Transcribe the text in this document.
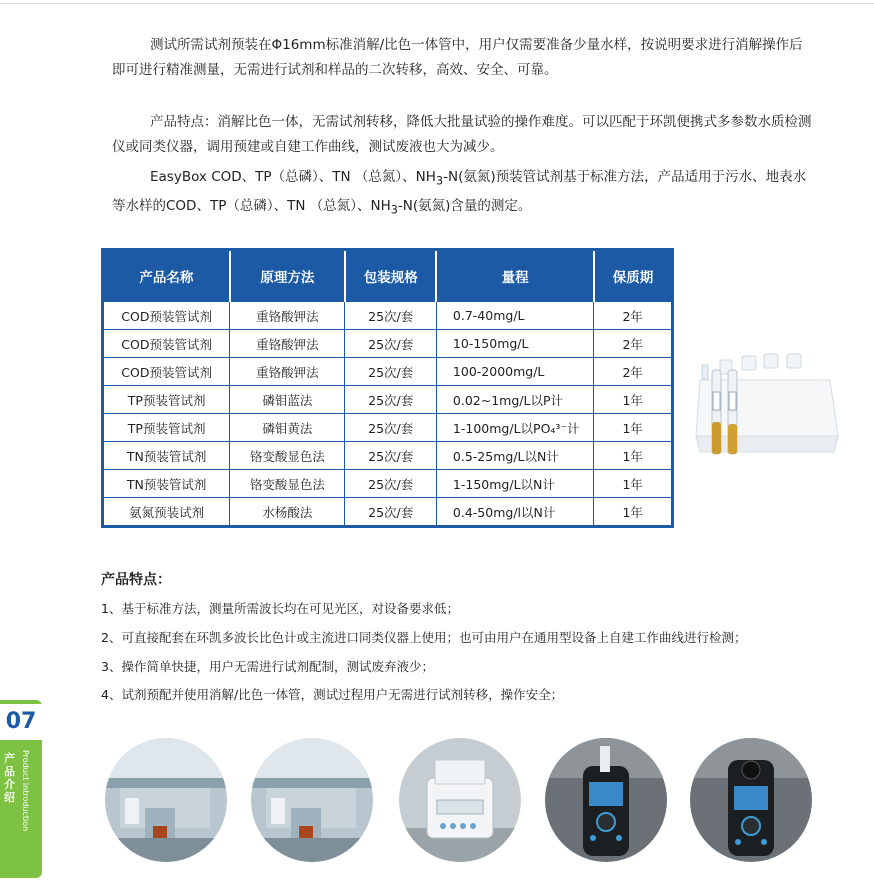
测试所需试剂预装在Φ16mm标准消解/比色一体管中，用户仅需要准备少量水样，按说明要求进行消解操作后即可进行精准测量，无需进行试剂和样品的二次转移，高效、安全、可靠。

产品特点：消解比色一体，无需试剂转移，降低大批量试验的操作难度。可以匹配于环凯便携式多参数水质检测仪或同类仪器，调用预建或自建工作曲线，测试废液也大为减少。

EasyBox COD、TP（总磷）、TN （总氮）、$NH_3-N$(氨氮)预装管试剂基于标准方法，产品适用于污水、地表水等水样的COD、TP（总磷）、TN （总氮）、$NH_3-N$(氨氮)含量的测定。

产品名称	原理方法	包装规格	量程	保质期
COD预装管试剂	重铬酸钾法	25次/套	0.7-40mg/L	2年
COD预装管试剂	重铬酸钾法	25次/套	10-150mg/L	2年
COD预装管试剂	重铬酸钾法	25次/套	100-2000mg/L	2年
TP预装管试剂	磷钼蓝法	25次/套	0.02~1mg/L以P计	1年
TP预装管试剂	磷钼黄法	25次/套	1-100mg/L以PO₄³⁻计	1年
TN预装管试剂	铬变酸显色法	25次/套	0.5-25mg/L以N计	1年
TN预装管试剂	铬变酸显色法	25次/套	1-150mg/L以N计	1年
氨氮预装试剂	水杨酸法	25次/套	0.4-50mg/l以N计	1年

产品特点：

1、基于标准方法，测量所需波长均在可见光区，对设备要求低；
2、可直接配套在环凯多波长比色计或主流进口同类仪器上使用；也可由用户在通用型设备上自建工作曲线进行检测；
3、操作简单快捷，用户无需进行试剂配制，测试废弃液少；
4、试剂预配并使用消解/比色一体管，测试过程用户无需进行试剂转移，操作安全；
07
产品介绍 Product introduction
